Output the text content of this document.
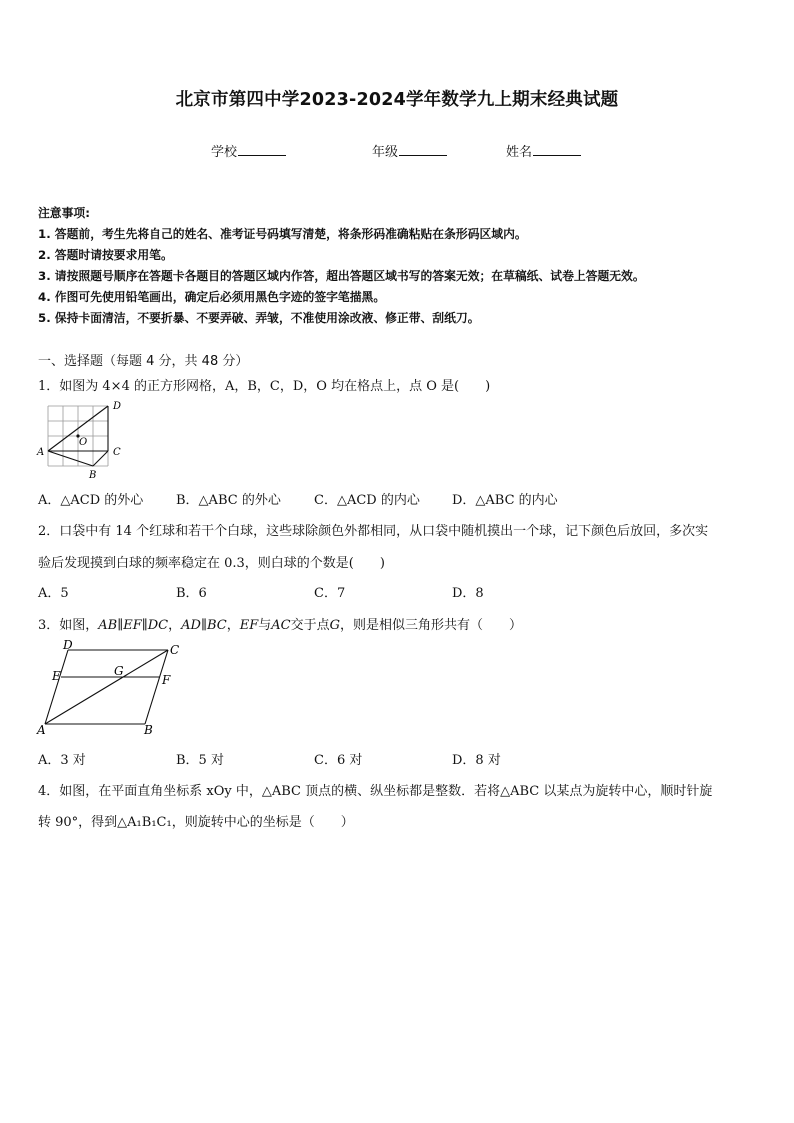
北京市第四中学2023-2024学年数学九上期末经典试题
学校	年级	姓名
注意事项:
1. 答题前，考生先将自己的姓名、准考证号码填写清楚，将条形码准确粘贴在条形码区域内。
2. 答题时请按要求用笔。
3. 请按照题号顺序在答题卡各题目的答题区域内作答，超出答题区域书写的答案无效；在草稿纸、试卷上答题无效。
4. 作图可先使用铅笔画出，确定后必须用黑色字迹的签字笔描黑。
5. 保持卡面清洁，不要折暴、不要弄破、弄皱，不准使用涂改液、修正带、刮纸刀。
一、选择题（每题 4 分，共 48 分）
1．如图为 4×4 的正方形网格，A，B，C，D，O 均在格点上，点 O 是(　　)
A
B
C
D
O
A．△ACD 的外心	B．△ABC 的外心	C．△ACD 的内心 D．△ABC 的内心
2．口袋中有 14 个红球和若干个白球，这些球除颜色外都相同，从口袋中随机摸出一个球，记下颜色后放回，多次实
验后发现摸到白球的频率稳定在 0.3，则白球的个数是(　　)
A．5	B．6	C．7	D．8
3．如图，AB∥EF∥DC，AD∥BC，EF与AC交于点G，则是相似三角形共有（　　）
D	C
E	G
F
A	B
A．3 对	B．5 对	C．6 对	D．8 对
4．如图，在平面直角坐标系 xOy 中，△ABC 顶点的横、纵坐标都是整数．若将△ABC 以某点为旋转中心，顺时针旋
转 90°，得到△A₁B₁C₁，则旋转中心的坐标是（　　）
